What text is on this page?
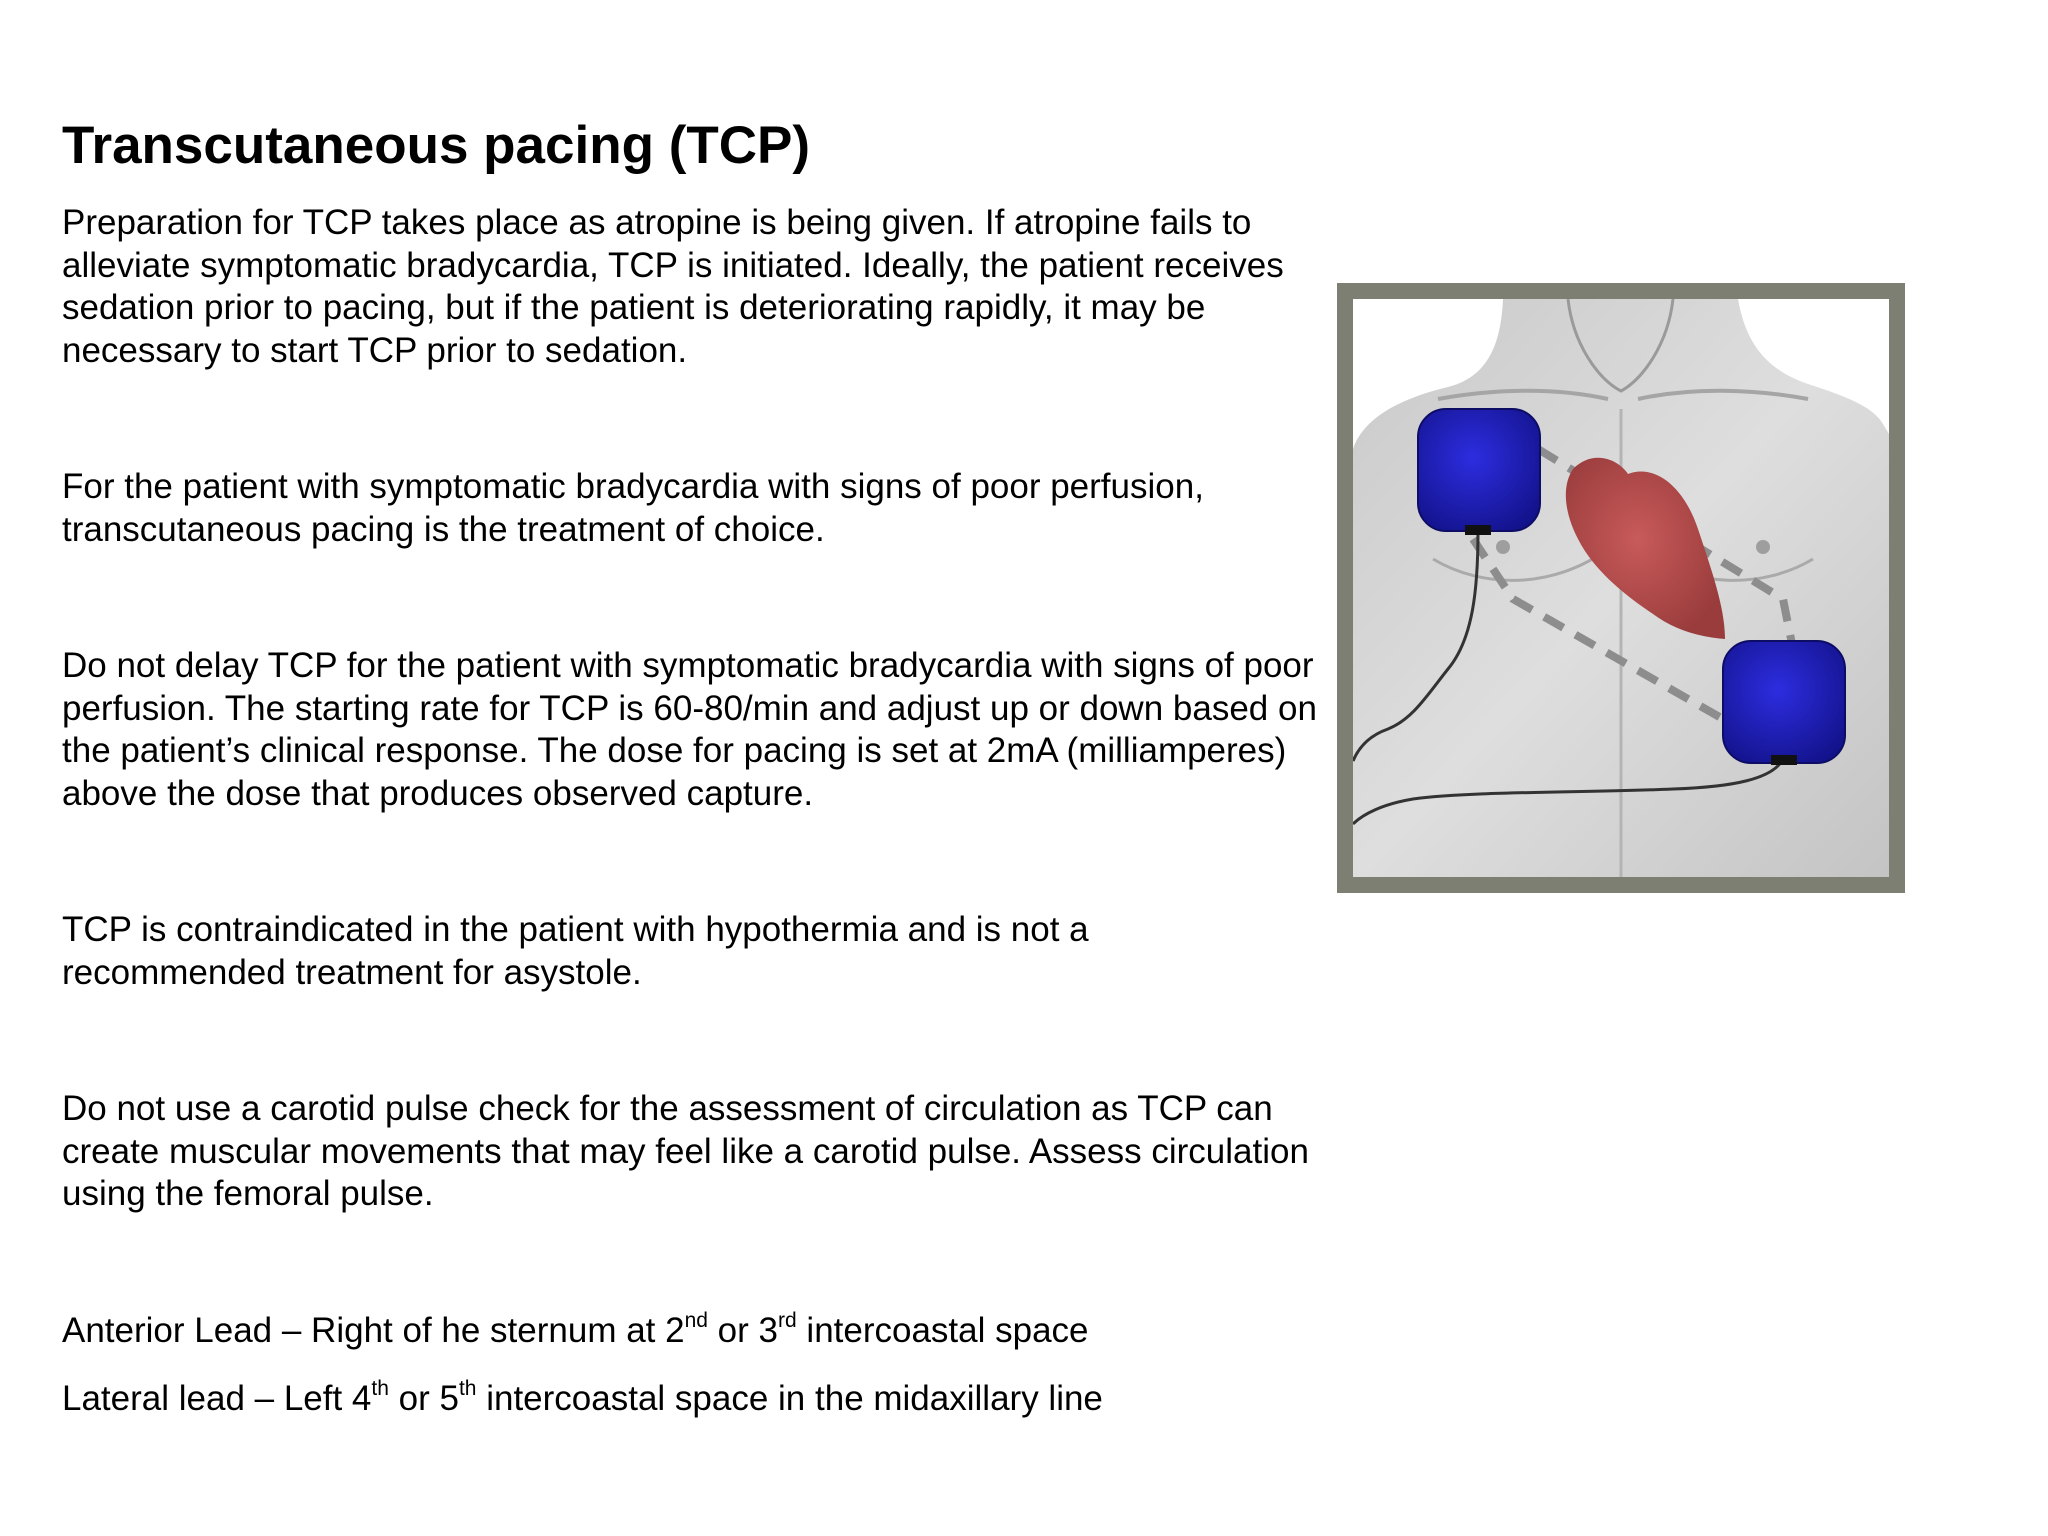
Transcutaneous pacing (TCP)

Preparation for TCP takes place as atropine is being given. If atropine fails to alleviate symptomatic bradycardia, TCP is initiated. Ideally, the patient receives sedation prior to pacing, but if the patient is deteriorating rapidly, it may be necessary to start TCP prior to sedation.

For the patient with symptomatic bradycardia with signs of poor perfusion, transcutaneous pacing is the treatment of choice.

Do not delay TCP for the patient with symptomatic bradycardia with signs of poor perfusion. The starting rate for TCP is 60-80/min and adjust up or down based on the patient’s clinical response. The dose for pacing is set at 2mA (milliamperes) above the dose that produces observed capture.

TCP is contraindicated in the patient with hypothermia and is not a recommended treatment for asystole.

Do not use a carotid pulse check for the assessment of circulation as TCP can create muscular movements that may feel like a carotid pulse. Assess circulation using the femoral pulse.

Anterior Lead – Right of he sternum at 2nd or 3rd intercoastal space

Lateral lead – Left 4th or 5th intercoastal space in the midaxillary line
